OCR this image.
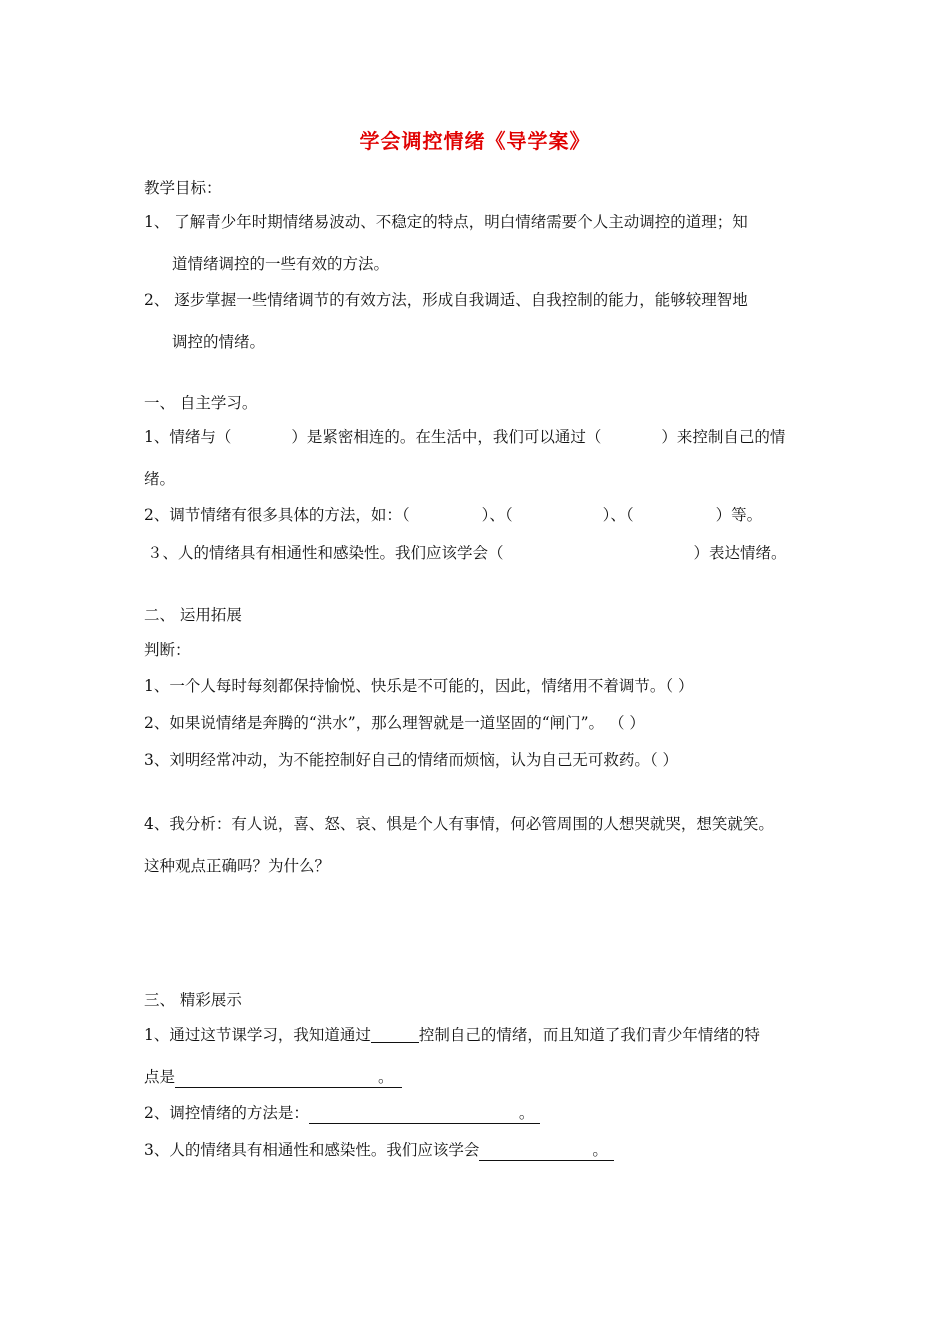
学会调控情绪《导学案》
教学目标：
1、 了解青少年时期情绪易波动、不稳定的特点，明白情绪需要个人主动调控的道理；知
道情绪调控的一些有效的方法。
2、 逐步掌握一些情绪调节的有效方法，形成自我调适、自我控制的能力，能够较理智地
调控的情绪。
一、 自主学习。
1、情绪与（	）是紧密相连的。在生活中，我们可以通过（	）来控制自己的情
绪。
2、调节情绪有很多具体的方法，如：（	）、（	）、（	）等。
３、人的情绪具有相通性和感染性。我们应该学会（	）表达情绪。
二、 运用拓展
判断：
1、一个人每时每刻都保持愉悦、快乐是不可能的，因此，情绪用不着调节。（ ）
2、如果说情绪是奔腾的“洪水”，那么理智就是一道坚固的“闸门”。 （ ）
3、刘明经常冲动，为不能控制好自己的情绪而烦恼，认为自己无可救药。（ ）
4、我分析：有人说，喜、怒、哀、惧是个人有事情，何必管周围的人想哭就哭，想笑就笑。
这种观点正确吗？为什么？
三、 精彩展示
1、通过这节课学习，我知道通过	控制自己的情绪，而且知道了我们青少年情绪的特
点是	。
2、调控情绪的方法是：	。
3、人的情绪具有相通性和感染性。我们应该学会	。
